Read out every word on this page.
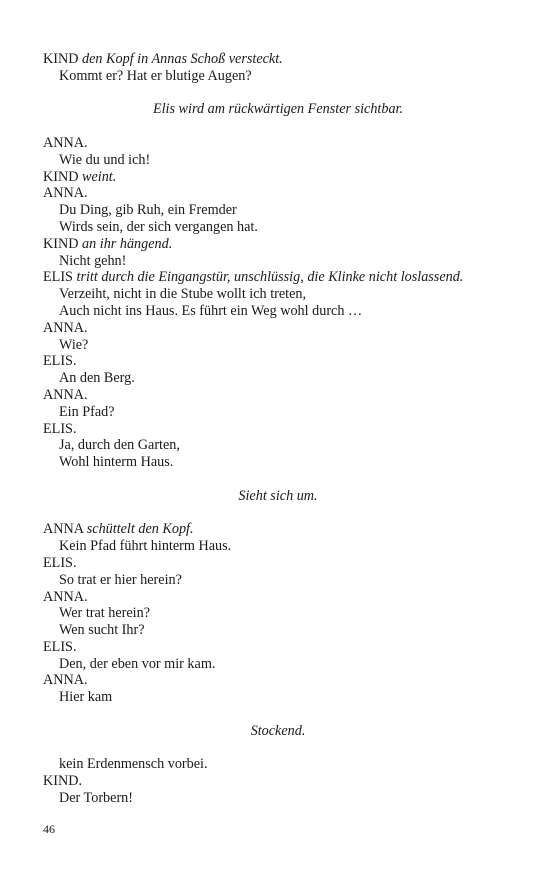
KIND den Kopf in Annas Schoß versteckt.
Kommt er? Hat er blutige Augen?
Elis wird am rückwärtigen Fenster sichtbar.
ANNA.
Wie du und ich!
KIND weint.
ANNA.
Du Ding, gib Ruh, ein Fremder
Wirds sein, der sich vergangen hat.
KIND an ihr hängend.
Nicht gehn!
ELIS tritt durch die Eingangstür, unschlüssig, die Klinke nicht loslassend.
Verzeiht, nicht in die Stube wollt ich treten,
Auch nicht ins Haus. Es führt ein Weg wohl durch …
ANNA.
Wie?
ELIS.
An den Berg.
ANNA.
Ein Pfad?
ELIS.
Ja, durch den Garten,
Wohl hinterm Haus.
Sieht sich um.
ANNA schüttelt den Kopf.
Kein Pfad führt hinterm Haus.
ELIS.
So trat er hier herein?
ANNA.
Wer trat herein?
Wen sucht Ihr?
ELIS.
Den, der eben vor mir kam.
ANNA.
Hier kam
Stockend.
kein Erdenmensch vorbei.
KIND.
Der Torbern!
46
